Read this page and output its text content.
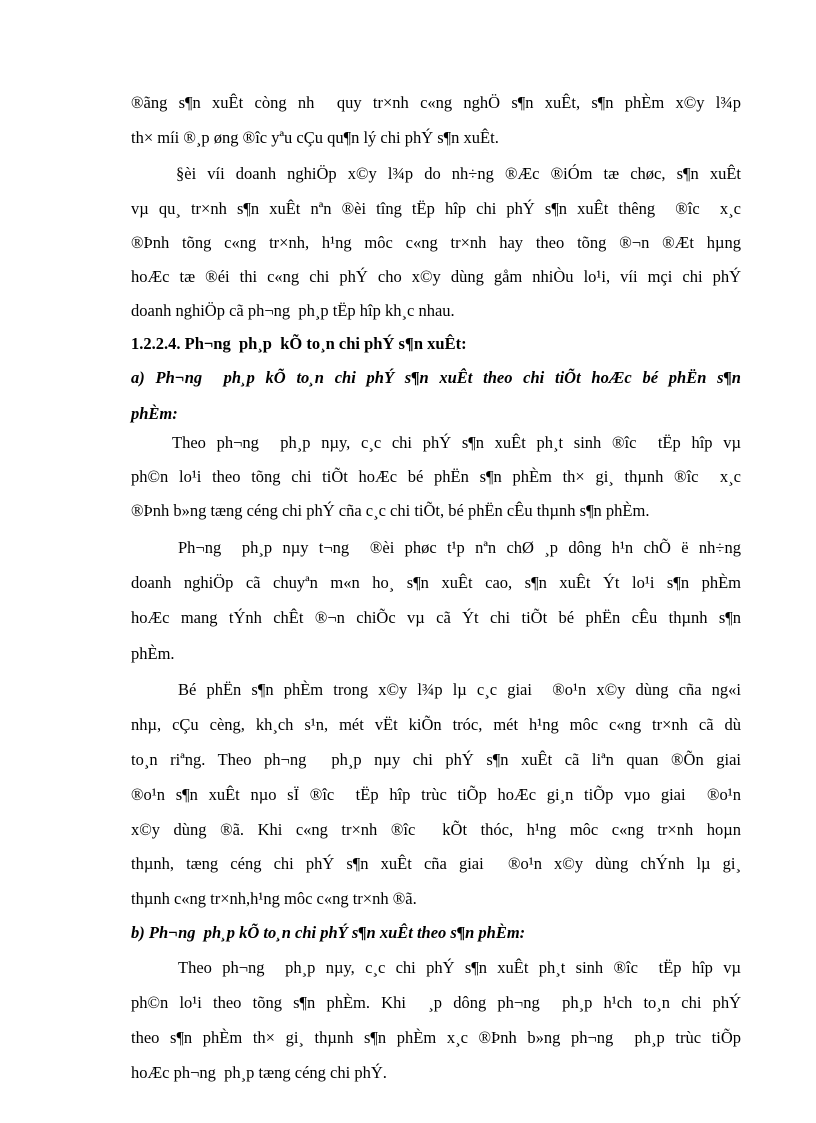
®ãng s¶n xuÊt còng nh  quy tr×nh c«ng nghÖ s¶n xuÊt, s¶n phÈm x©y l¾p
th× míi ®¸p øng ®îc yªu cÇu qu¶n lý chi phÝ s¶n xuÊt.
§èi víi doanh nghiÖp x©y l¾p do nh÷ng ®Æc ®iÓm tæ chøc, s¶n xuÊt
vµ qu¸ tr×nh s¶n xuÊt nªn ®èi tîng tËp hîp chi phÝ s¶n xuÊt thêng  ®îc  x¸c
®Þnh tõng c«ng tr×nh, h¹ng môc c«ng tr×nh hay theo tõng ®¬n ®Æt hµng
hoÆc tæ ®éi thi c«ng chi phÝ cho x©y dùng gåm nhiÒu lo¹i, víi mçi chi phÝ
doanh nghiÖp cã ph¬ng  ph¸p tËp hîp kh¸c nhau.
1.2.2.4. Ph¬ng  ph¸p  kÕ to¸n chi phÝ s¶n xuÊt:
a) Ph¬ng  ph¸p kÕ to¸n chi phÝ s¶n xuÊt theo chi tiÕt hoÆc bé phËn s¶n
phÈm:
Theo ph¬ng  ph¸p nµy, c¸c chi phÝ s¶n xuÊt ph¸t sinh ®îc  tËp hîp vµ
ph©n lo¹i theo tõng chi tiÕt hoÆc bé phËn s¶n phÈm th× gi¸ thµnh ®îc  x¸c
®Þnh b»ng tæng céng chi phÝ cña c¸c chi tiÕt, bé phËn cÊu thµnh s¶n phÈm.
Ph¬ng  ph¸p nµy t¬ng  ®èi phøc t¹p nªn chØ ¸p dông h¹n chÕ ë nh÷ng
doanh nghiÖp cã chuyªn m«n ho¸ s¶n xuÊt cao, s¶n xuÊt Ýt lo¹i s¶n phÈm
hoÆc mang tÝnh chÊt ®¬n chiÕc vµ cã Ýt chi tiÕt bé phËn cÊu thµnh s¶n
phÈm.
Bé phËn s¶n phÈm trong x©y l¾p lµ c¸c giai  ®o¹n x©y dùng cña ng«i
nhµ, cÇu cèng, kh¸ch s¹n, mét vËt kiÕn tróc, mét h¹ng môc c«ng tr×nh cã dù
to¸n riªng. Theo ph¬ng  ph¸p nµy chi phÝ s¶n xuÊt cã liªn quan ®Õn giai
®o¹n s¶n xuÊt nµo sÏ ®îc  tËp hîp trùc tiÕp hoÆc gi¸n tiÕp vµo giai  ®o¹n
x©y dùng ®ã. Khi c«ng tr×nh ®îc  kÕt thóc, h¹ng môc c«ng tr×nh hoµn
thµnh, tæng céng chi phÝ s¶n xuÊt cña giai  ®o¹n x©y dùng chÝnh lµ gi¸
thµnh c«ng tr×nh,h¹ng môc c«ng tr×nh ®ã.
b) Ph¬ng  ph¸p kÕ to¸n chi phÝ s¶n xuÊt theo s¶n phÈm:
Theo ph¬ng  ph¸p nµy, c¸c chi phÝ s¶n xuÊt ph¸t sinh ®îc  tËp hîp vµ
ph©n lo¹i theo tõng s¶n phÈm. Khi  ¸p dông ph¬ng  ph¸p h¹ch to¸n chi phÝ
theo s¶n phÈm th× gi¸ thµnh s¶n phÈm x¸c ®Þnh b»ng ph¬ng  ph¸p trùc tiÕp
hoÆc ph¬ng  ph¸p tæng céng chi phÝ.
